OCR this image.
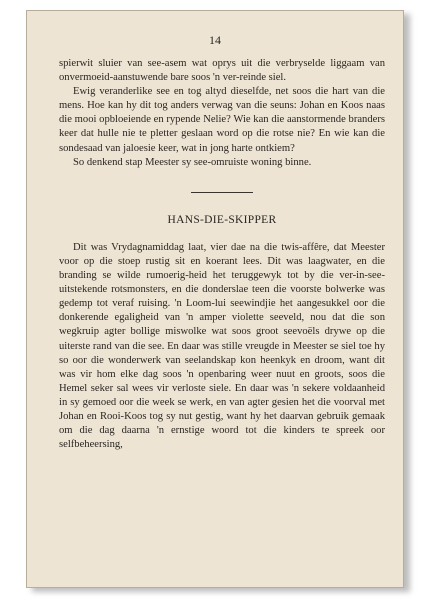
14

spierwit sluier van see-asem wat oprys uit die verbryselde liggaam van onvermoeid-aanstuwende bare soos 'n ver-reinde siel.

Ewig veranderlike see en tog altyd dieselfde, net soos die hart van die mens. Hoe kan hy dit tog anders verwag van die seuns: Johan en Koos naas die mooi opbloeiende en rypende Nelie? Wie kan die aanstormende branders keer dat hulle nie te pletter geslaan word op die rotse nie? En wie kan die sondesaad van jaloesie keer, wat in jong harte ontkiem?

So denkend stap Meester sy see-omruiste woning binne.

HANS-DIE-SKIPPER

Dit was Vrydagnamiddag laat, vier dae na die twis-affêre, dat Meester voor op die stoep rustig sit en koerant lees. Dit was laagwater, en die branding se wilde rumoerig-heid het teruggewyk tot by die ver-in-see-uitstekende rotsmonsters, en die donderslae teen die voorste bolwerke was gedemp tot veraf ruising. 'n Loom-lui seewindjie het aangesukkel oor die donkerende egaligheid van 'n amper violette seeveld, nou dat die son wegkruip agter bollige miswolke wat soos groot seevoëls drywe op die uiterste rand van die see. En daar was stille vreugde in Meester se siel toe hy so oor die wonderwerk van seelandskap kon heenkyk en droom, want dit was vir hom elke dag soos 'n openbaring weer nuut en groots, soos die Hemel seker sal wees vir verloste siele. En daar was 'n sekere voldaanheid in sy gemoed oor die week se werk, en van agter gesien het die voorval met Johan en Rooi-Koos tog sy nut gestig, want hy het daarvan gebruik gemaak om die dag daarna 'n ernstige woord tot die kinders te spreek oor selfbeheersing,
